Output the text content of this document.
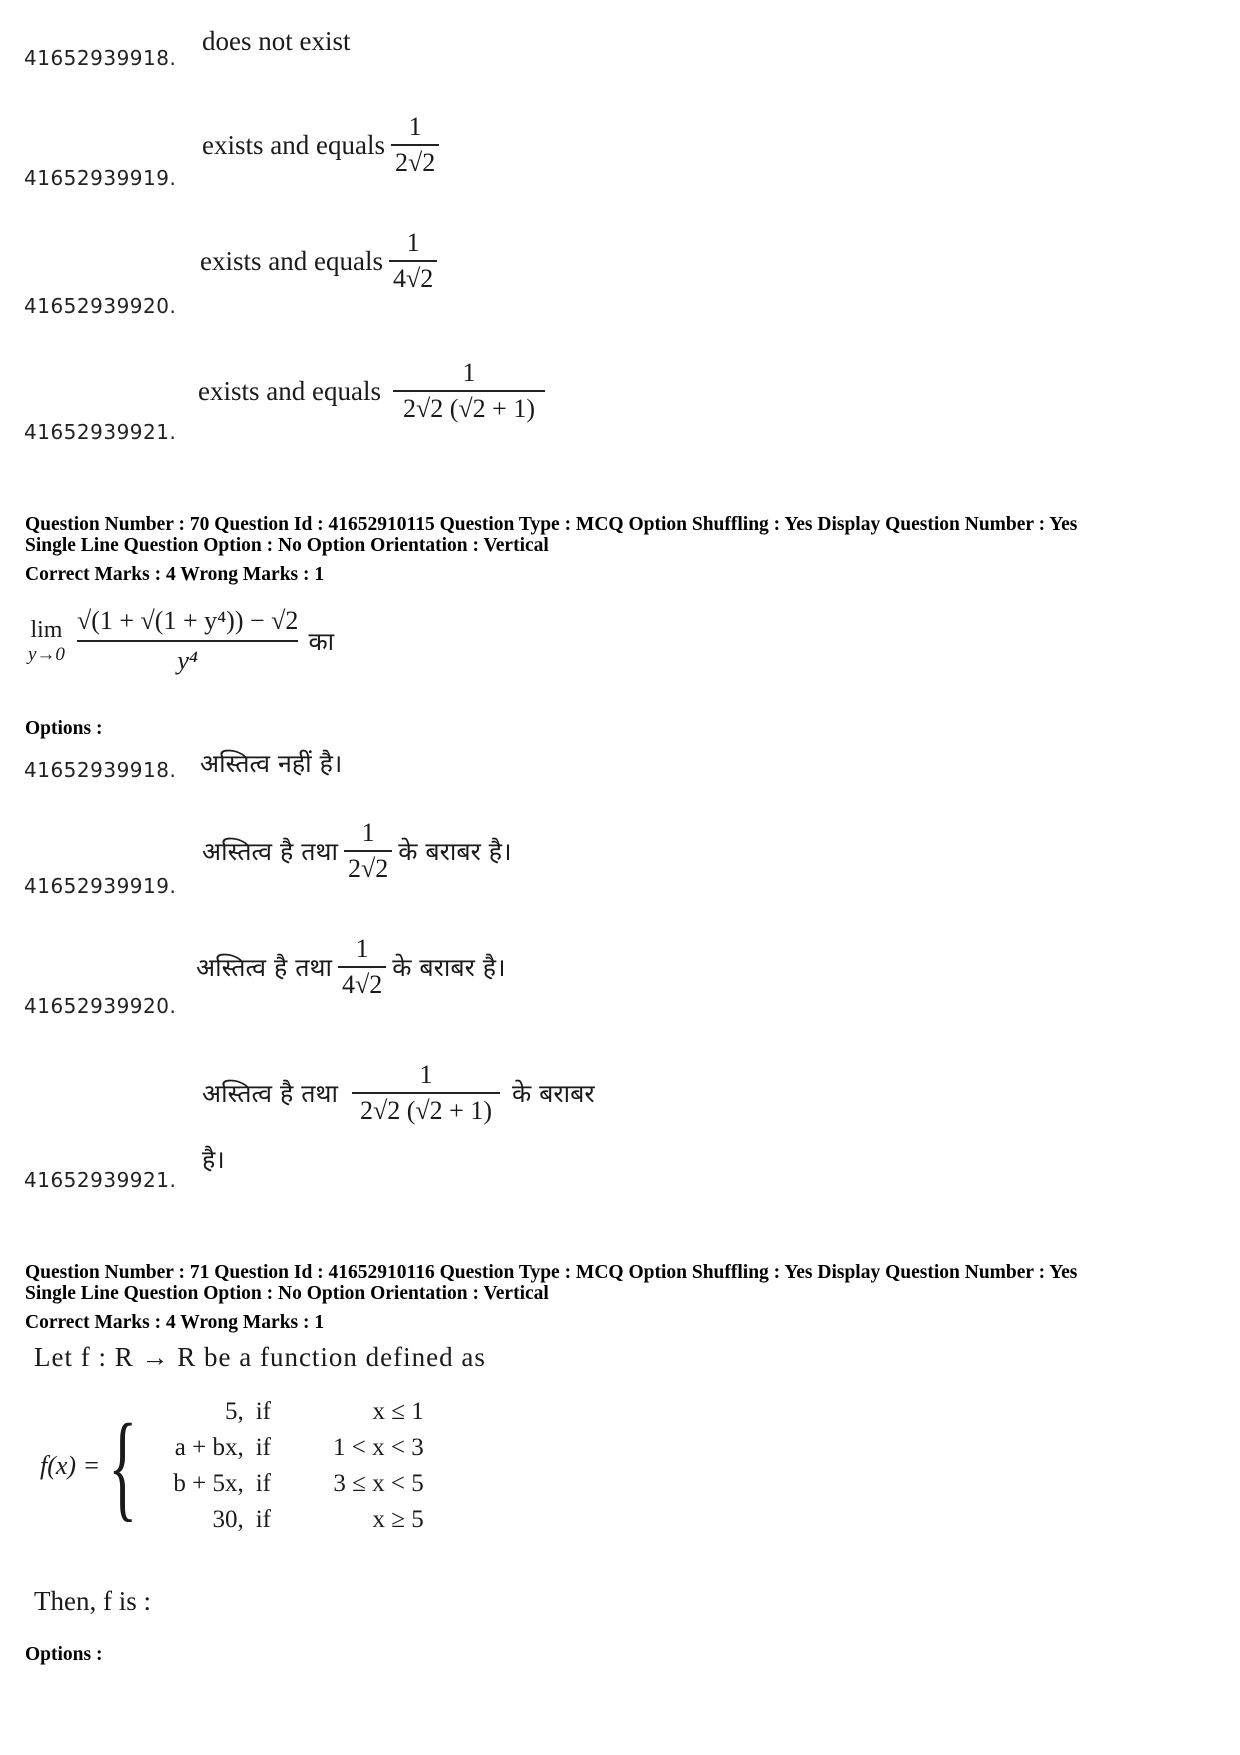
does not exist
41652939918.
exists and equals $\frac{1}{2√2}$
41652939919.
exists and equals $\frac{1}{4√2}$
41652939920.
exists and equals $\frac{1}{2√2 (√2 + 1)}$
41652939921.
Question Number : 70 Question Id : 41652910115 Question Type : MCQ Option Shuffling : Yes Display Question Number : Yes
Single Line Question Option : No Option Orientation : Vertical
Correct Marks : 4 Wrong Marks : 1
lim
$y\to 0 \frac{\text{√(1 + √(1 + y⁴)) − √2}}{\text{y⁴}}$ का
Options :
अस्तित्व नहीं है।
41652939918.
अस्तित्व है तथा $\frac{1}{2√2}$ के बराबर है।
41652939919.
अस्तित्व है तथा $\frac{1}{4√2}$ के बराबर है।
41652939920.
अस्तित्व है तथा $\frac{1}{2√2 (√2 + 1)}$ के बराबर
है।
41652939921.
Question Number : 71 Question Id : 41652910116 Question Type : MCQ Option Shuffling : Yes Display Question Number : Yes
Single Line Question Option : No Option Orientation : Vertical
Correct Marks : 4 Wrong Marks : 1
Let f : R → R be a function defined as
f(x) = {	5, if	x ≤ 1
a + bx, if	1 < x < 3
b + 5x, if	3 ≤ x < 5
30, if	x ≥ 5
Then, f is :
Options :
